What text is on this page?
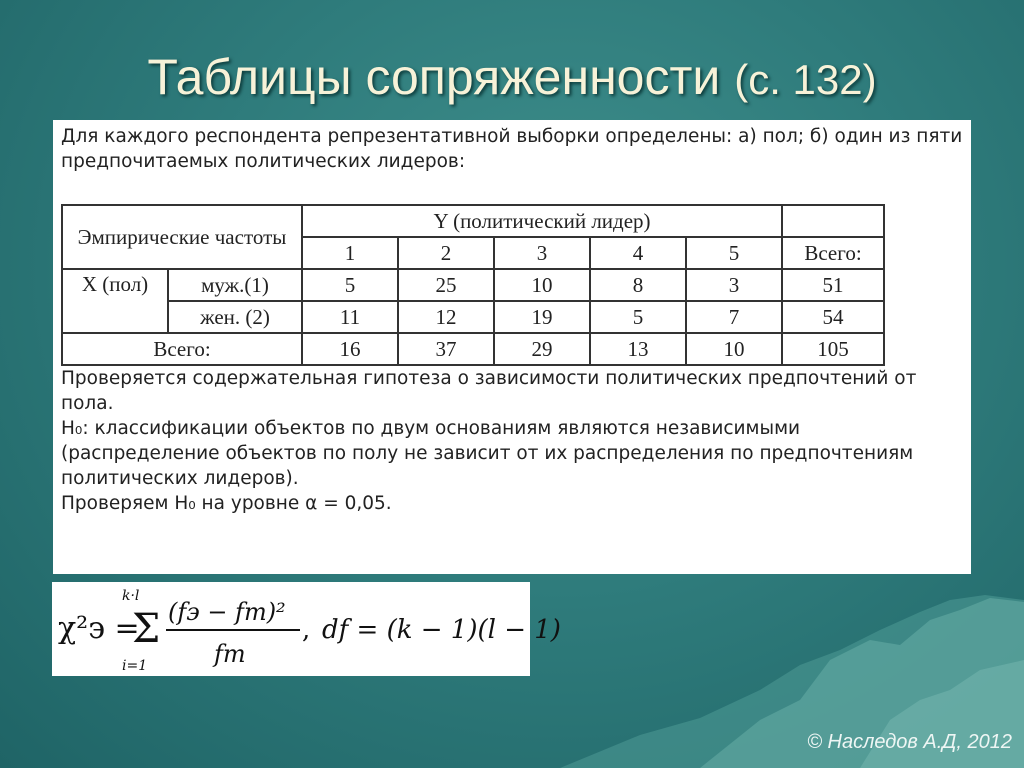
Таблицы сопряженности (с. 132)

Для каждого респондента репрезентативной выборки определены: а) пол; б) один из пяти предпочитаемых политических лидеров:

Эмпирические частоты		Y (политический лидер)					
		1	2	3	4	5	Всего:
X (пол)	муж.(1)	5	25	10	8	3	51
	жен. (2)	11	12	19	5	7	54
Всего:		16	37	29	13	10	105

Проверяется содержательная гипотеза о зависимости политических предпочтений от пола.

H₀: классификации объектов по двум основаниям являются независимыми (распределение объектов по полу не зависит от их распределения по предпочтениям политических лидеров).

Проверяем H₀ на уровне α = 0,05.

χ²э =
k·l
Σ
i=1
(fэ − fт)²
fт
, df = (k − 1)(l − 1)
© Наследов А.Д, 2012
